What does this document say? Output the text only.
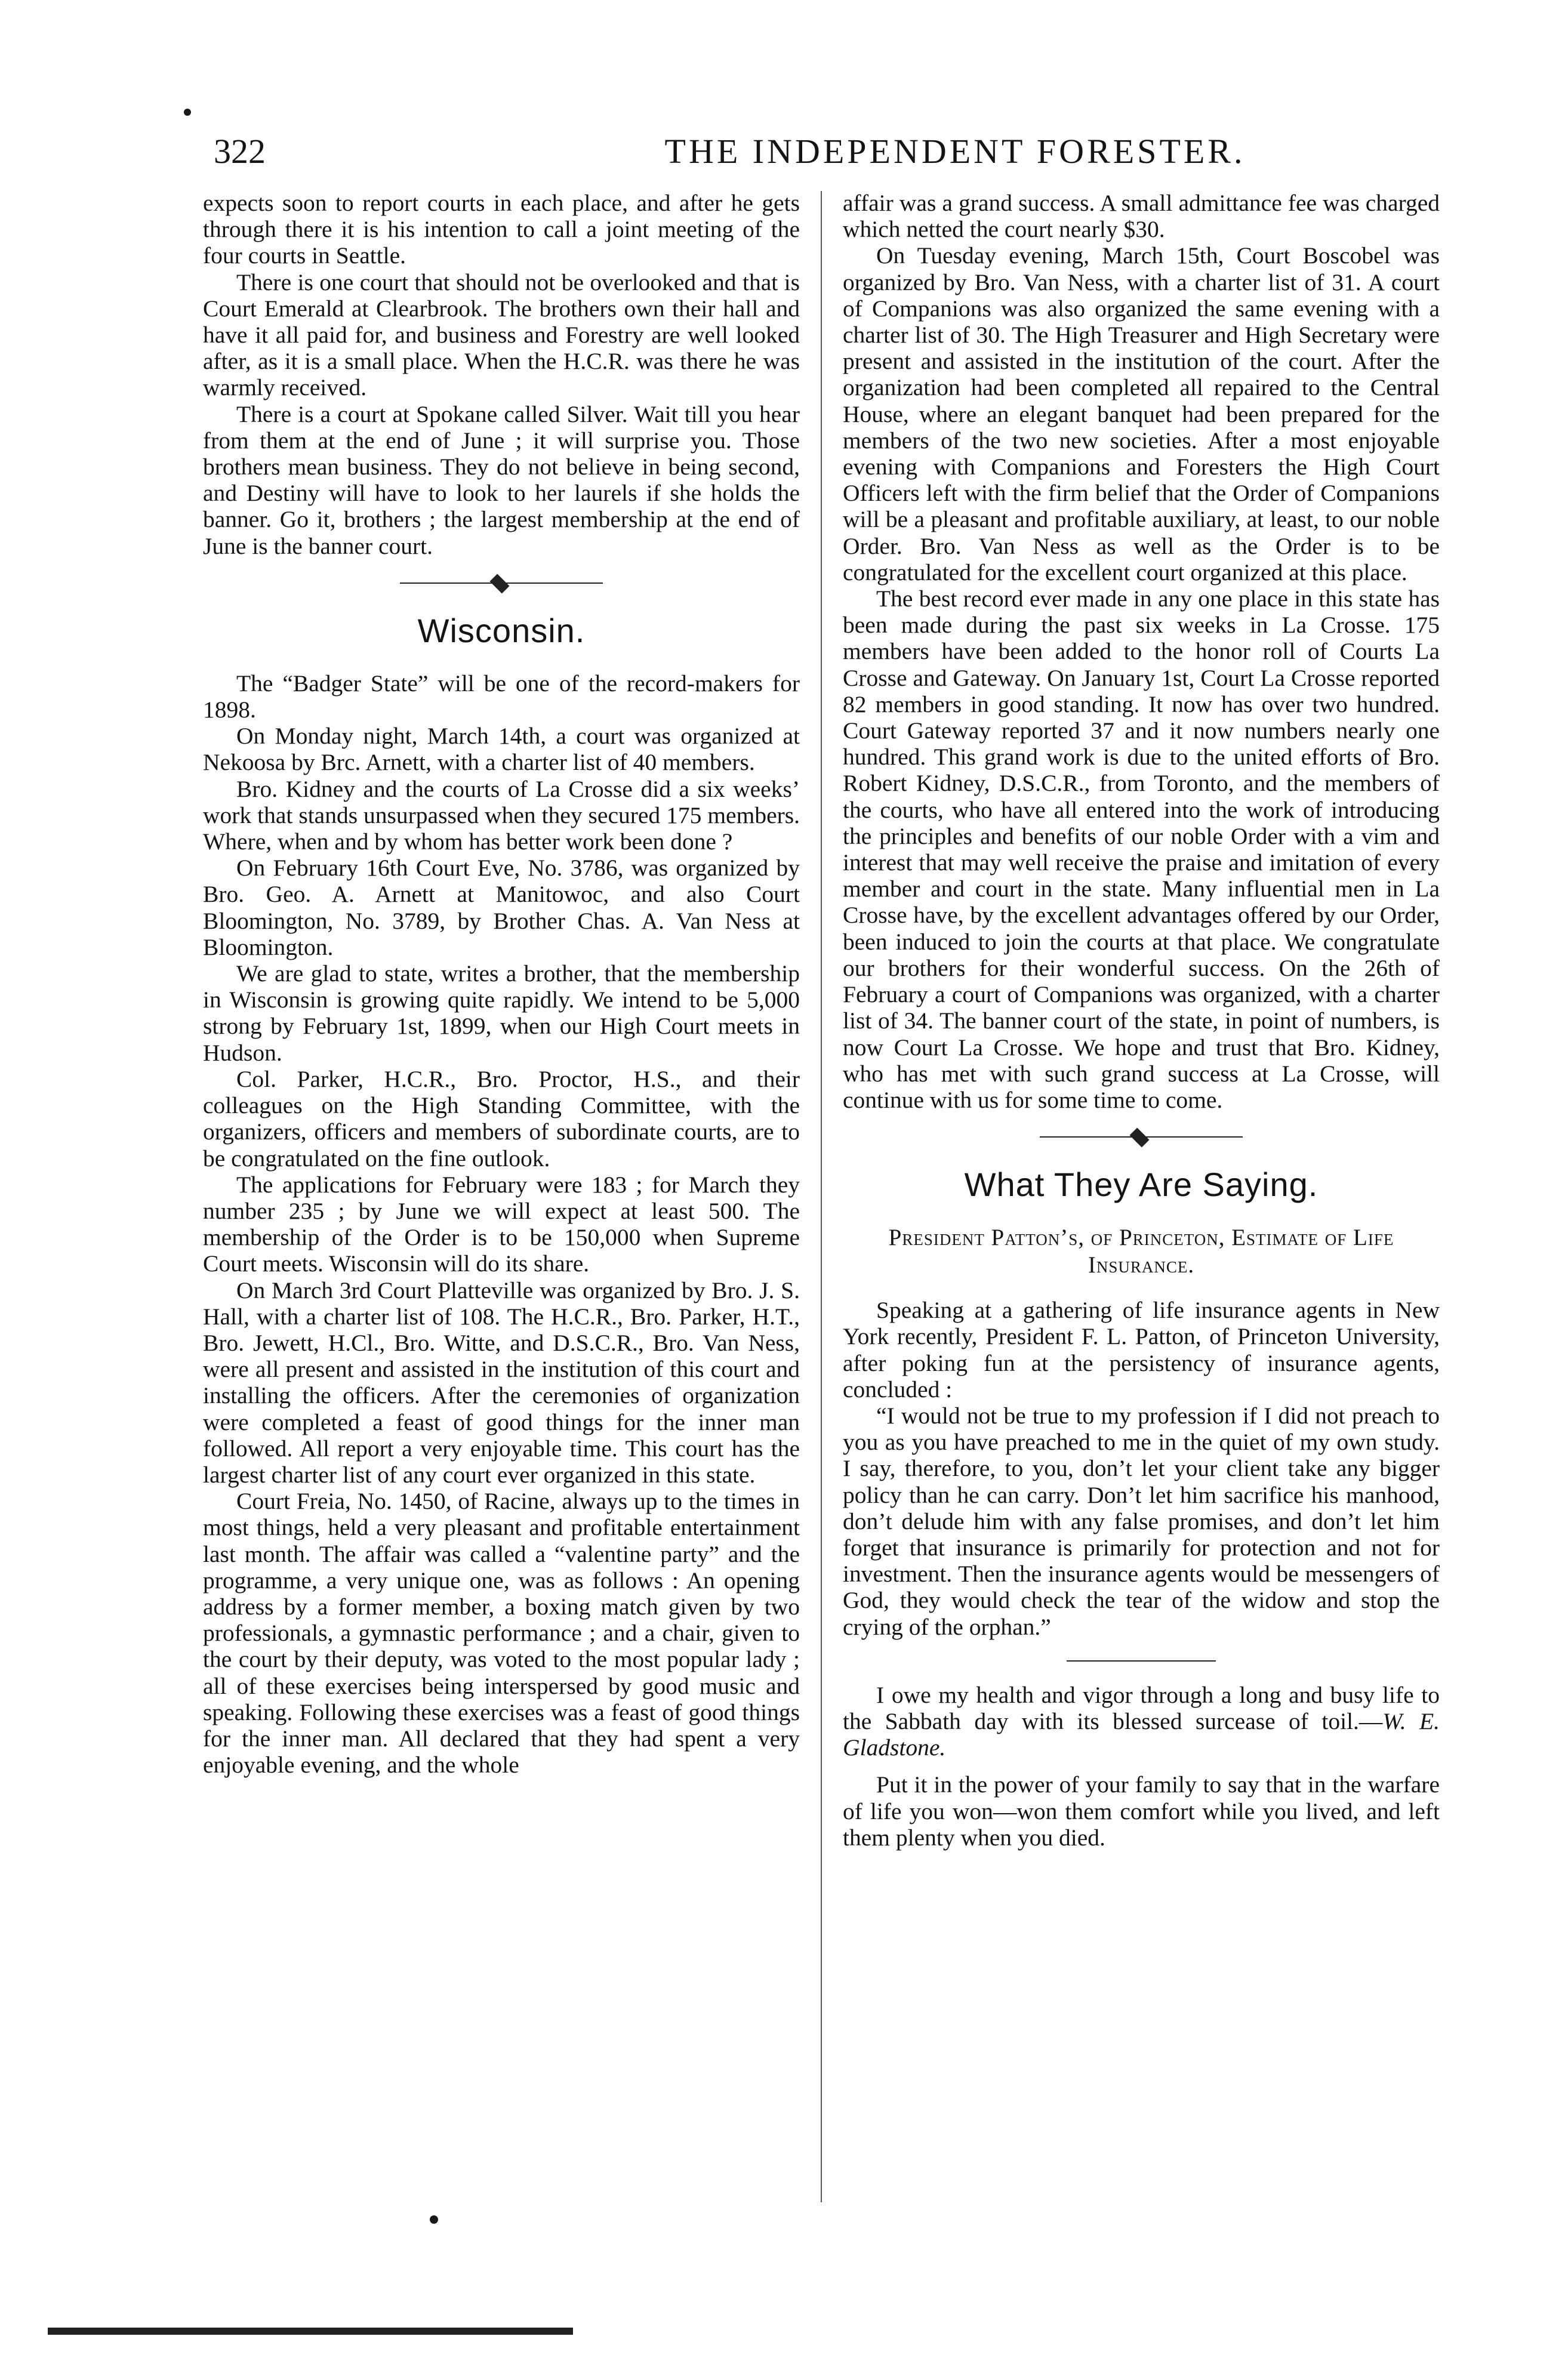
322	THE INDEPENDENT FORESTER.

expects soon to report courts in each place, and after he gets through there it is his intention to call a joint meeting of the four courts in Seattle.

There is one court that should not be overlooked and that is Court Emerald at Clearbrook. The brothers own their hall and have it all paid for, and business and Forestry are well looked after, as it is a small place. When the H.C.R. was there he was warmly received.

There is a court at Spokane called Silver. Wait till you hear from them at the end of June ; it will surprise you. Those brothers mean business. They do not believe in being second, and Destiny will have to look to her laurels if she holds the banner. Go it, brothers ; the largest membership at the end of June is the banner court.

Wisconsin.

The “Badger State” will be one of the record-makers for 1898.

On Monday night, March 14th, a court was organized at Nekoosa by Brc. Arnett, with a charter list of 40 members.

Bro. Kidney and the courts of La Crosse did a six weeks’ work that stands unsurpassed when they secured 175 members. Where, when and by whom has better work been done ?

On February 16th Court Eve, No. 3786, was organized by Bro. Geo. A. Arnett at Manitowoc, and also Court Bloomington, No. 3789, by Brother Chas. A. Van Ness at Bloomington.

We are glad to state, writes a brother, that the membership in Wisconsin is growing quite rapidly. We intend to be 5,000 strong by February 1st, 1899, when our High Court meets in Hudson.

Col. Parker, H.C.R., Bro. Proctor, H.S., and their colleagues on the High Standing Committee, with the organizers, officers and members of subordinate courts, are to be congratulated on the fine outlook.

The applications for February were 183 ; for March they number 235 ; by June we will expect at least 500. The membership of the Order is to be 150,000 when Supreme Court meets. Wisconsin will do its share.

On March 3rd Court Platteville was organized by Bro. J. S. Hall, with a charter list of 108. The H.C.R., Bro. Parker, H.T., Bro. Jewett, H.Cl., Bro. Witte, and D.S.C.R., Bro. Van Ness, were all present and assisted in the institution of this court and installing the officers. After the ceremonies of organization were completed a feast of good things for the inner man followed. All report a very enjoyable time. This court has the largest charter list of any court ever organized in this state.

Court Freia, No. 1450, of Racine, always up to the times in most things, held a very pleasant and profitable entertainment last month. The affair was called a “valentine party” and the programme, a very unique one, was as follows : An opening address by a former member, a boxing match given by two professionals, a gymnastic performance ; and a chair, given to the court by their deputy, was voted to the most popular lady ; all of these exercises being interspersed by good music and speaking. Following these exercises was a feast of good things for the inner man. All declared that they had spent a very enjoyable evening, and the whole

affair was a grand success. A small admittance fee was charged which netted the court nearly $30.

On Tuesday evening, March 15th, Court Boscobel was organized by Bro. Van Ness, with a charter list of 31. A court of Companions was also organized the same evening with a charter list of 30. The High Treasurer and High Secretary were present and assisted in the institution of the court. After the organization had been completed all repaired to the Central House, where an elegant banquet had been prepared for the members of the two new societies. After a most enjoyable evening with Companions and Foresters the High Court Officers left with the firm belief that the Order of Companions will be a pleasant and profitable auxiliary, at least, to our noble Order. Bro. Van Ness as well as the Order is to be congratulated for the excellent court organized at this place.

The best record ever made in any one place in this state has been made during the past six weeks in La Crosse. 175 members have been added to the honor roll of Courts La Crosse and Gateway. On January 1st, Court La Crosse reported 82 members in good standing. It now has over two hundred. Court Gateway reported 37 and it now numbers nearly one hundred. This grand work is due to the united efforts of Bro. Robert Kidney, D.S.C.R., from Toronto, and the members of the courts, who have all entered into the work of introducing the principles and benefits of our noble Order with a vim and interest that may well receive the praise and imitation of every member and court in the state. Many influential men in La Crosse have, by the excellent advantages offered by our Order, been induced to join the courts at that place. We congratulate our brothers for their wonderful success. On the 26th of February a court of Companions was organized, with a charter list of 34. The banner court of the state, in point of numbers, is now Court La Crosse. We hope and trust that Bro. Kidney, who has met with such grand success at La Crosse, will continue with us for some time to come.

What They Are Saying.
President Patton’s, of Princeton, Estimate of Life Insurance.

Speaking at a gathering of life insurance agents in New York recently, President F. L. Patton, of Princeton University, after poking fun at the persistency of insurance agents, concluded :

“I would not be true to my profession if I did not preach to you as you have preached to me in the quiet of my own study. I say, therefore, to you, don’t let your client take any bigger policy than he can carry. Don’t let him sacrifice his manhood, don’t delude him with any false promises, and don’t let him forget that insurance is primarily for protection and not for investment. Then the insurance agents would be messengers of God, they would check the tear of the widow and stop the crying of the orphan.”

I owe my health and vigor through a long and busy life to the Sabbath day with its blessed surcease of toil.—W. E. Gladstone.

Put it in the power of your family to say that in the warfare of life you won—won them comfort while you lived, and left them plenty when you died.
